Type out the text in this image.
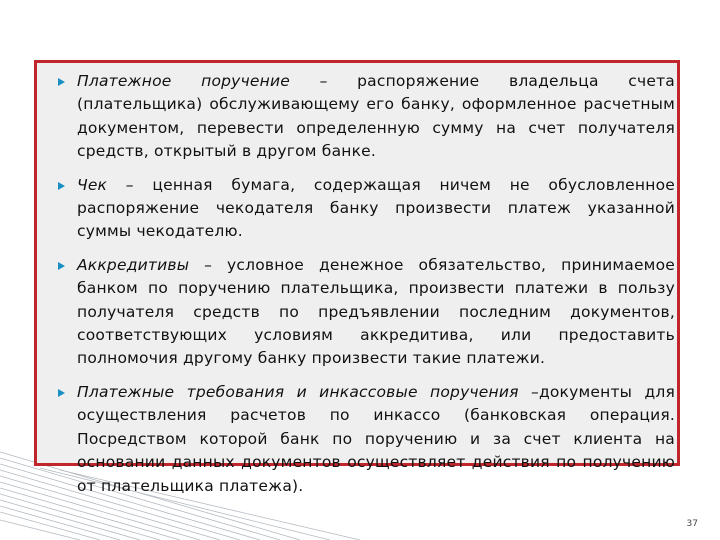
Платежное поручение – распоряжение владельца счета (плательщика) обслуживающему его банку, оформленное расчетным документом, перевести определенную сумму на счет получателя средств, открытый в другом банке.
Чек – ценная бумага, содержащая ничем не обусловленное распоряжение чекодателя банку произвести платеж указанной суммы чекодателю.
Аккредитивы – условное денежное обязательство, принимаемое банком по поручению плательщика, произвести платежи в пользу получателя средств по предъявлении последним документов, соответствующих условиям аккредитива, или предоставить полномочия другому банку произвести такие платежи.
Платежные требования и инкассовые поручения –документы для осуществления расчетов по инкассо (банковская операция. Посредством которой банк по поручению и за счет клиента на основании данных документов осуществляет действия по получению от плательщика платежа).
37
